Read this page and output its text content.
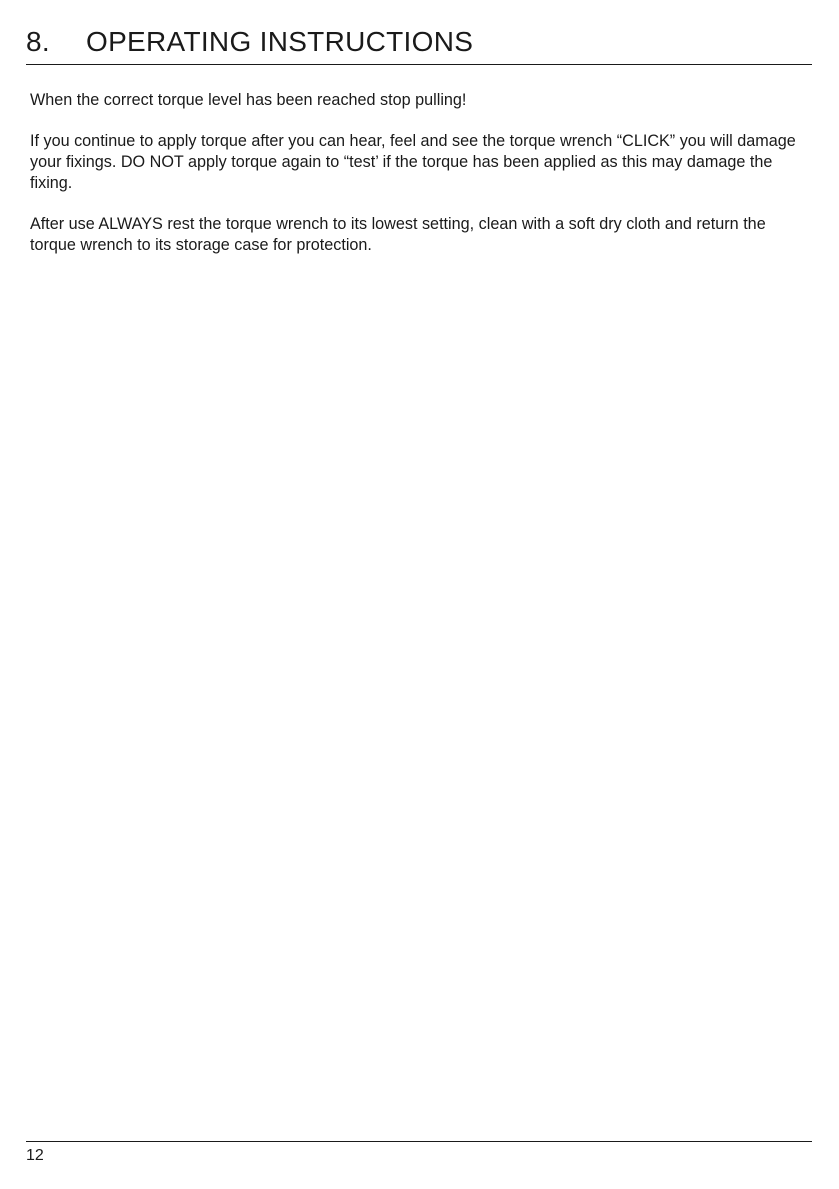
8. OPERATING INSTRUCTIONS

When the correct torque level has been reached stop pulling!

If you continue to apply torque after you can hear, feel and see the torque wrench “CLICK” you will damage your fixings. DO NOT apply torque again to “test’ if the torque has been applied as this may damage the fixing.

After use ALWAYS rest the torque wrench to its lowest setting, clean with a soft dry cloth and return the torque wrench to its storage case for protection.

12
